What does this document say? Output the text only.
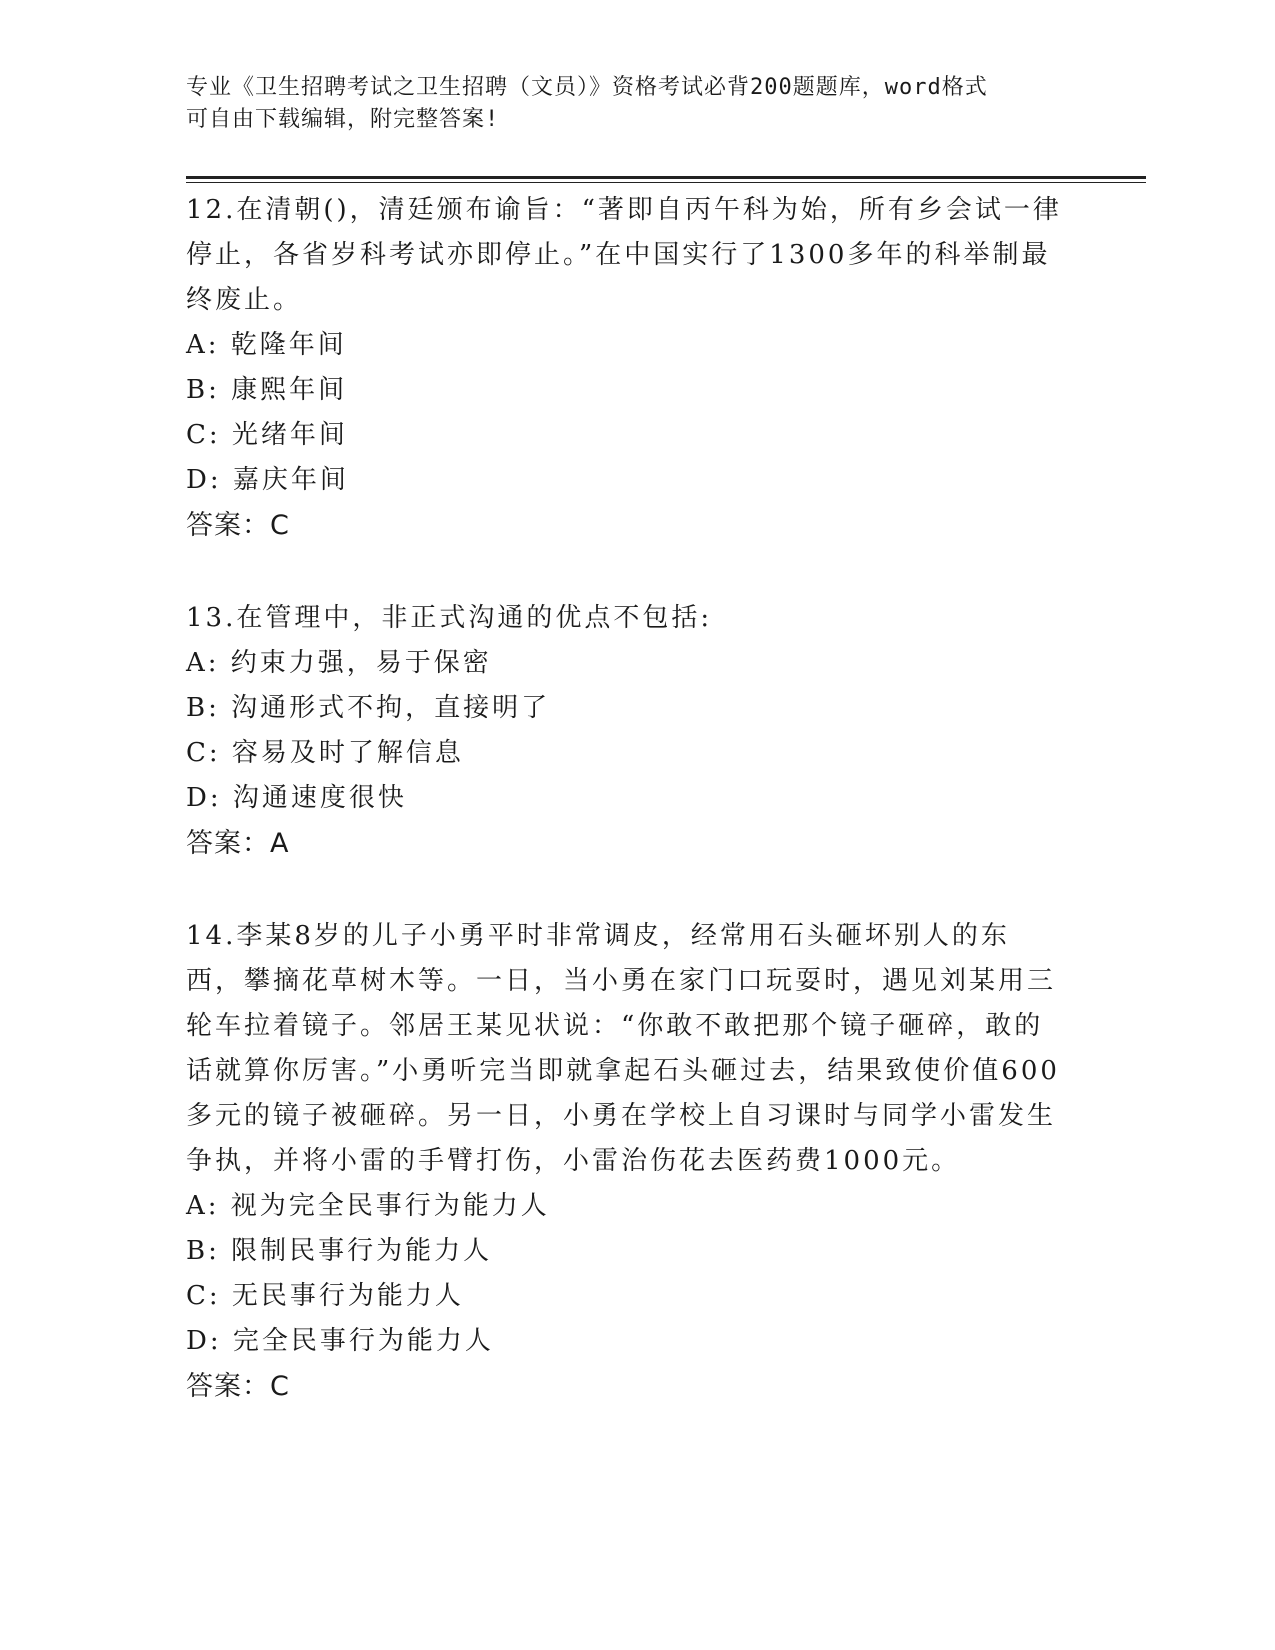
专业《卫生招聘考试之卫生招聘（文员）》资格考试必背200题题库，word格式
可自由下载编辑，附完整答案!

12.在清朝()，清廷颁布谕旨：“著即自丙午科为始，所有乡会试一律停止，各省岁科考试亦即停止。”在中国实行了1300多年的科举制最终废止。

A: 乾隆年间

B: 康熙年间

C: 光绪年间

D: 嘉庆年间

答案：C

13.在管理中，非正式沟通的优点不包括:

A: 约束力强，易于保密

B: 沟通形式不拘，直接明了

C: 容易及时了解信息

D: 沟通速度很快

答案：A

14.李某8岁的儿子小勇平时非常调皮，经常用石头砸坏别人的东西，攀摘花草树木等。一日，当小勇在家门口玩耍时，遇见刘某用三轮车拉着镜子。邻居王某见状说：“你敢不敢把那个镜子砸碎，敢的话就算你厉害。”小勇听完当即就拿起石头砸过去，结果致使价值600多元的镜子被砸碎。另一日，小勇在学校上自习课时与同学小雷发生争执，并将小雷的手臂打伤，小雷治伤花去医药费1000元。

A: 视为完全民事行为能力人

B: 限制民事行为能力人

C: 无民事行为能力人

D: 完全民事行为能力人

答案：C
